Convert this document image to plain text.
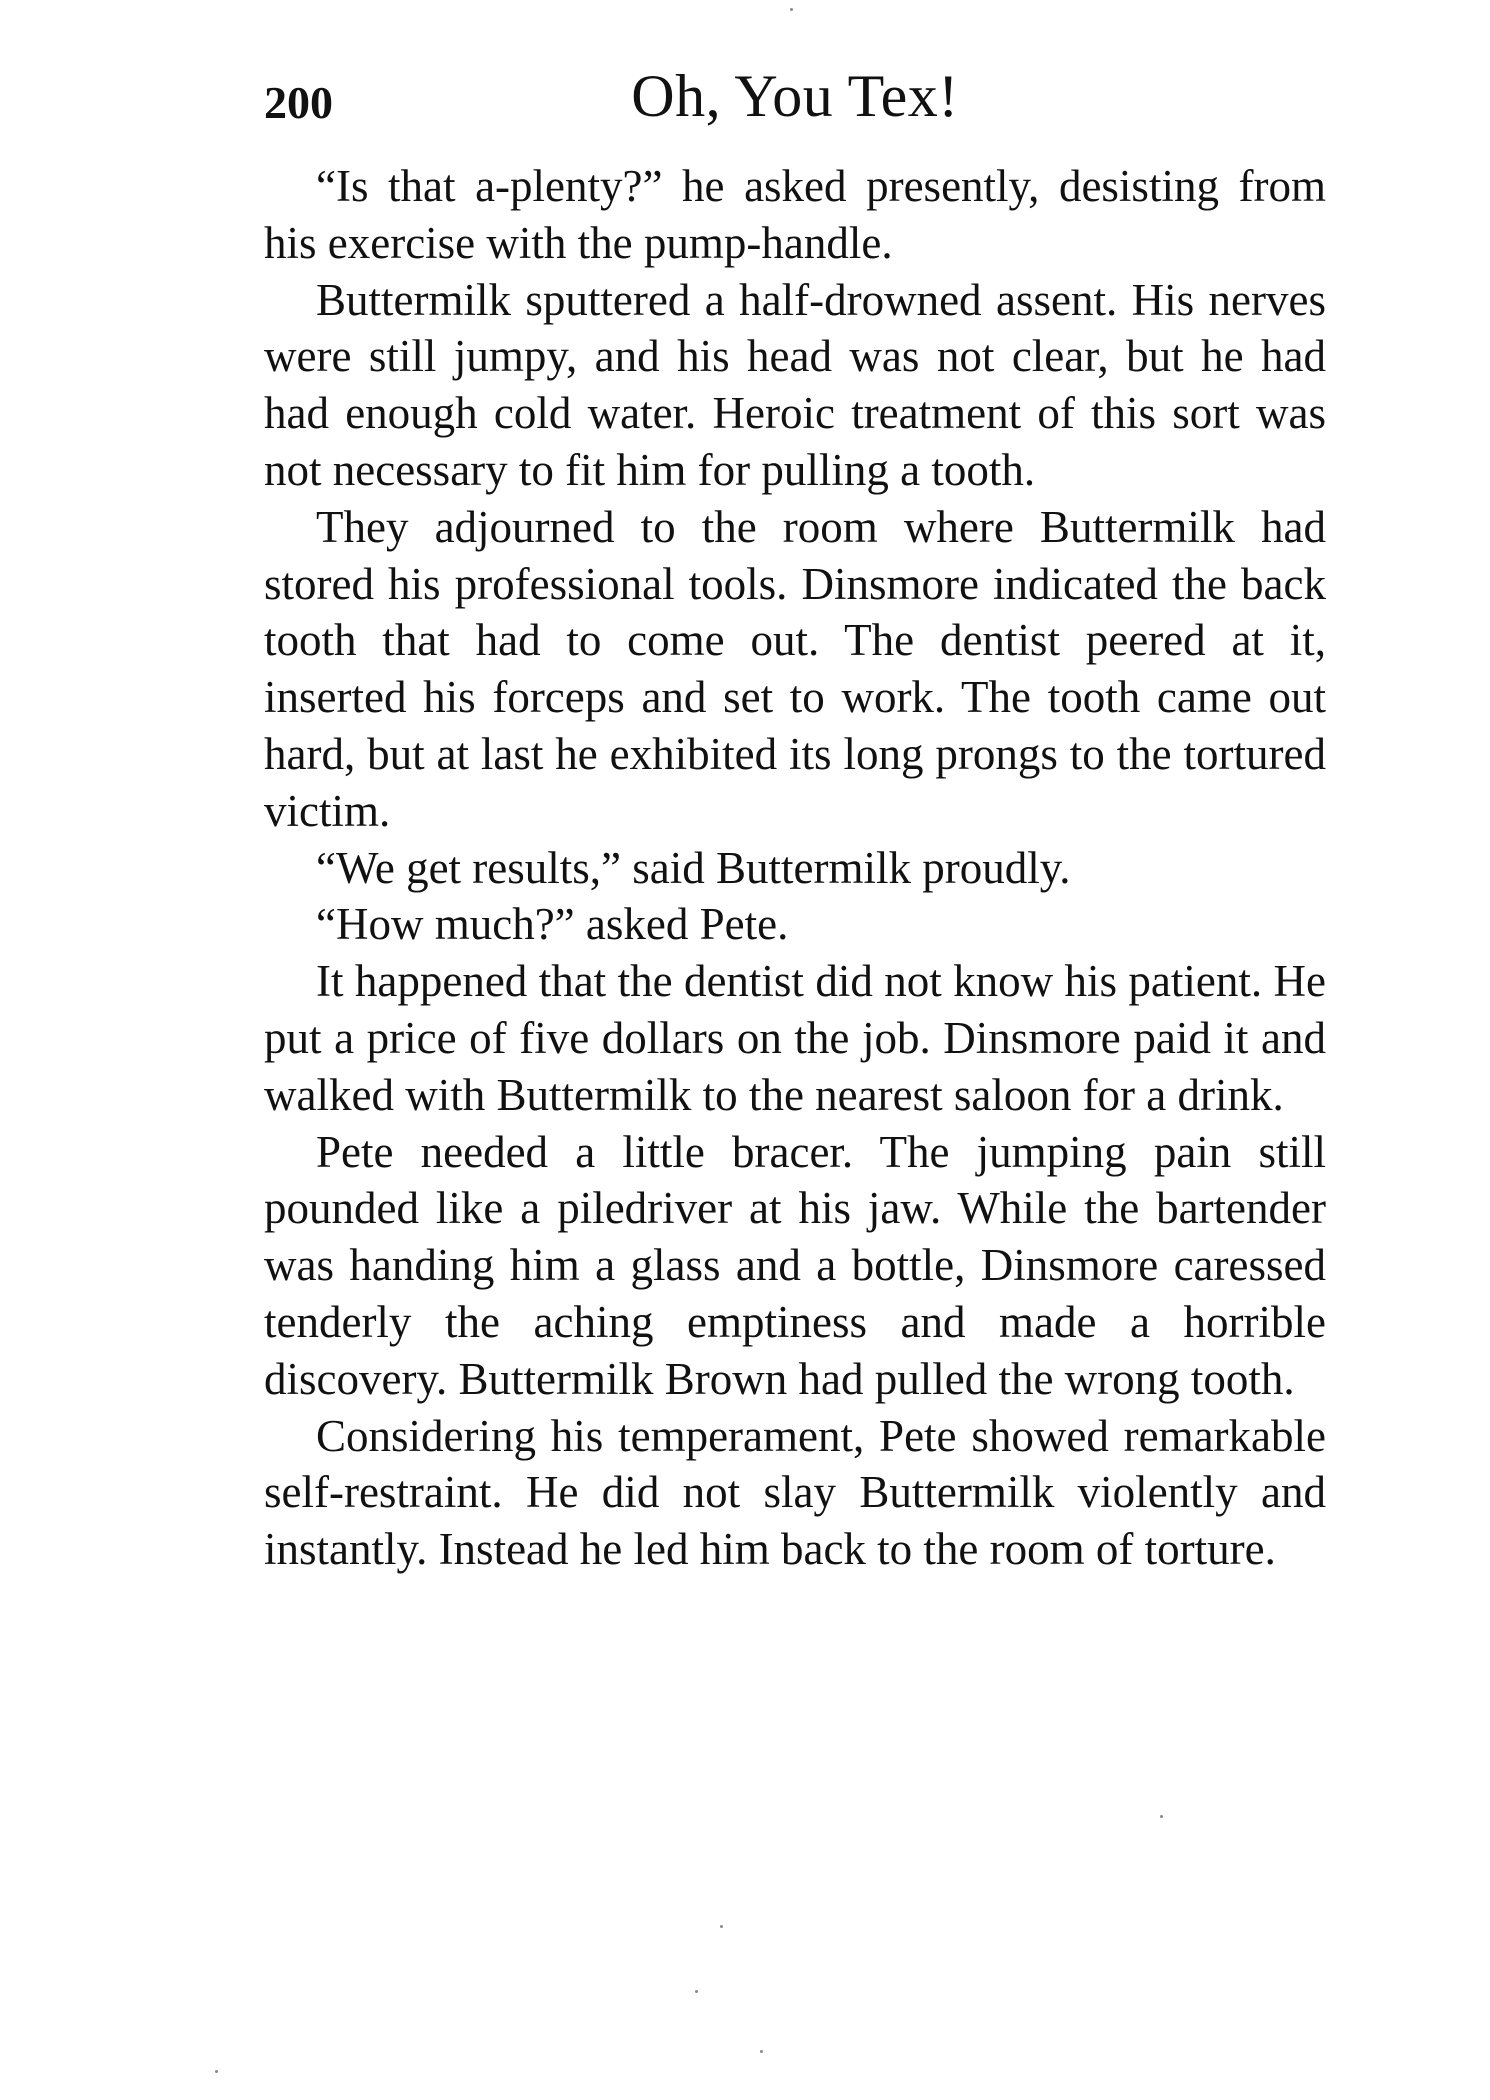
200	Oh, You Tex!

“Is that a-plenty?” he asked presently, desisting from his exercise with the pump-handle.

Buttermilk sputtered a half-drowned assent. His nerves were still jumpy, and his head was not clear, but he had had enough cold water. Heroic treatment of this sort was not necessary to fit him for pulling a tooth.

They adjourned to the room where Buttermilk had stored his professional tools. Dinsmore indicated the back tooth that had to come out. The dentist peered at it, inserted his forceps and set to work. The tooth came out hard, but at last he exhibited its long prongs to the tortured victim.

“We get results,” said Buttermilk proudly.

“How much?” asked Pete.

It happened that the dentist did not know his patient. He put a price of five dollars on the job. Dinsmore paid it and walked with Buttermilk to the nearest saloon for a drink.

Pete needed a little bracer. The jumping pain still pounded like a piledriver at his jaw. While the bartender was handing him a glass and a bottle, Dinsmore caressed tenderly the aching emptiness and made a horrible discovery. Buttermilk Brown had pulled the wrong tooth.

Considering his temperament, Pete showed remarkable self-restraint. He did not slay Buttermilk violently and instantly. Instead he led him back to the room of torture.
